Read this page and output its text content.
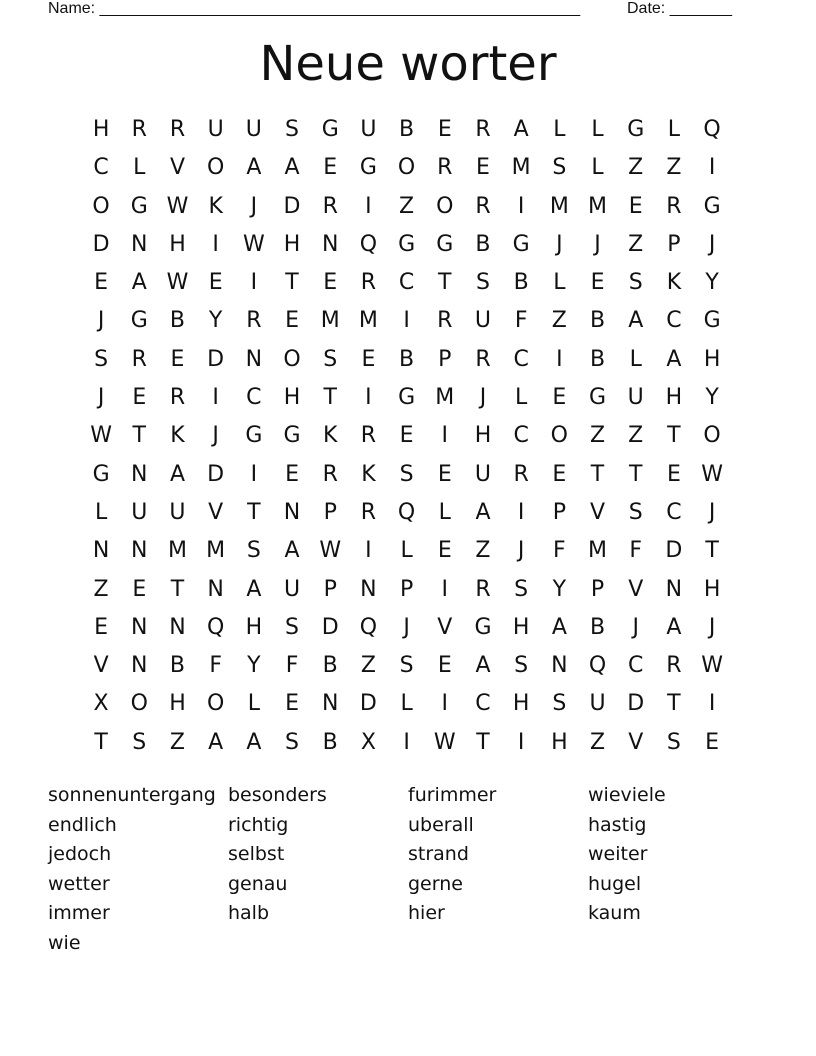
Name: ______________________________________________________	Date: _______
Neue worter
H	R	R	U	U	S	G U	B	E	R	A	L	L	G	L	Q
C	L	V O	A	A	E	G O R	E M S	L	Z	Z	I
O G W K	J	D	R	I	Z O R	I	M M E	R	G
D N H	I	W H N Q G G	B	G	J	J	Z	P	J
E	A W E	I	T	E	R	C	T	S	B	L	E	S	K	Y
J	G	B	Y	R	E M M	I	R	U	F	Z	B	A	C G
S	R	E	D N O	S	E	B	P	R	C	I	B	L	A	H
J	E	R	I	C	H	T	I	G M	J	L	E	G U H	Y
W T	K	J	G G	K	R	E	I	H	C O Z	Z	T	O
G N	A	D	I	E	R	K	S	E	U	R	E	T	T	E W
L	U	U	V	T	N	P	R Q	L	A	I	P	V	S	C	J
N N M M S	A W	I	L	E	Z	J	F	M	F	D	T
Z	E	T	N	A	U	P	N	P	I	R	S	Y	P	V	N H
E	N N Q H	S	D Q	J	V	G H	A	B	J	A	J
V	N	B	F	Y	F	B	Z	S	E	A	S	N Q C	R W
X O H O	L	E	N D	L	I	C	H	S	U D	T	I
T	S	Z	A	A	S	B	X	I	W T	I	H	Z	V	S	E
sonnenuntergang besonders	furimmer	wieviele
endlich	richtig	uberall	hastig
jedoch	selbst	strand	weiter
wetter	genau	gerne	hugel
immer	halb	hier	kaum
wie
